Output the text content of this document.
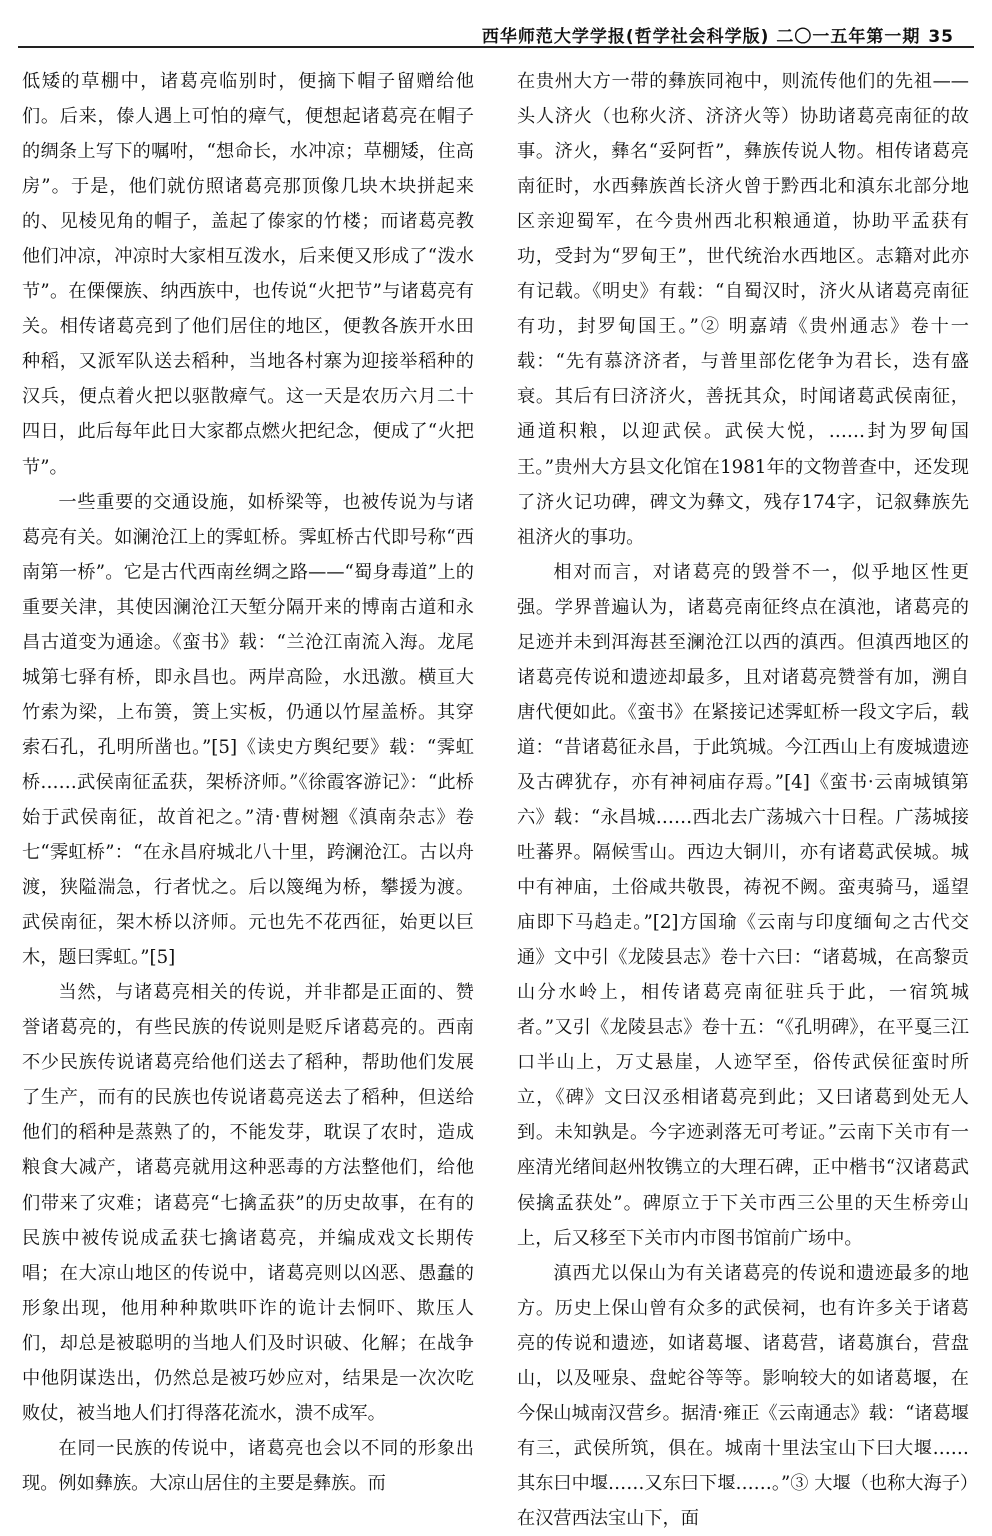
西华师范大学学报(哲学社会科学版) 二〇一五年第一期 35

低矮的草棚中，诸葛亮临别时，便摘下帽子留赠给他们。后来，傣人遇上可怕的瘴气，便想起诸葛亮在帽子的绸条上写下的嘱咐，“想命长，水冲凉；草棚矮，住高房”。于是，他们就仿照诸葛亮那顶像几块木块拼起来的、见棱见角的帽子，盖起了傣家的竹楼；而诸葛亮教他们冲凉，冲凉时大家相互泼水，后来便又形成了“泼水节”。在傈僳族、纳西族中，也传说“火把节”与诸葛亮有关。相传诸葛亮到了他们居住的地区，便教各族开水田种稻，又派军队送去稻种，当地各村寨为迎接举稻种的汉兵，便点着火把以驱散瘴气。这一天是农历六月二十四日，此后每年此日大家都点燃火把纪念，便成了“火把节”。

一些重要的交通设施，如桥梁等，也被传说为与诸葛亮有关。如澜沧江上的霁虹桥。霁虹桥古代即号称“西南第一桥”。它是古代西南丝绸之路——“蜀身毒道”上的重要关津，其使因澜沧江天堑分隔开来的博南古道和永昌古道变为通途。《蛮书》载：“兰沧江南流入海。龙尾城第七驿有桥，即永昌也。两岸高险，水迅激。横亘大竹索为梁，上布箦，箦上实板，仍通以竹屋盖桥。其穿索石孔，孔明所凿也。”[5]《读史方舆纪要》载：“霁虹桥……武侯南征孟获，架桥济师。”《徐霞客游记》：“此桥始于武侯南征，故首祀之。”清·曹树翘《滇南杂志》卷七“霁虹桥”：“在永昌府城北八十里，跨澜沧江。古以舟渡，狭隘湍急，行者忧之。后以篾绳为桥，攀援为渡。武侯南征，架木桥以济师。元也先不花西征，始更以巨木，题曰霁虹。”[5]

当然，与诸葛亮相关的传说，并非都是正面的、赞誉诸葛亮的，有些民族的传说则是贬斥诸葛亮的。西南不少民族传说诸葛亮给他们送去了稻种，帮助他们发展了生产，而有的民族也传说诸葛亮送去了稻种，但送给他们的稻种是蒸熟了的，不能发芽，耽误了农时，造成粮食大减产，诸葛亮就用这种恶毒的方法整他们，给他们带来了灾难；诸葛亮“七擒孟获”的历史故事，在有的民族中被传说成孟获七擒诸葛亮，并编成戏文长期传唱；在大凉山地区的传说中，诸葛亮则以凶恶、愚蠢的形象出现，他用种种欺哄吓诈的诡计去恫吓、欺压人们，却总是被聪明的当地人们及时识破、化解；在战争中他阴谋迭出，仍然总是被巧妙应对，结果是一次次吃败仗，被当地人们打得落花流水，溃不成军。

在同一民族的传说中，诸葛亮也会以不同的形象出现。例如彝族。大凉山居住的主要是彝族。而

在贵州大方一带的彝族同袍中，则流传他们的先祖——头人济火（也称火济、济济火等）协助诸葛亮南征的故事。济火，彝名“妥阿哲”，彝族传说人物。相传诸葛亮南征时，水西彝族酋长济火曾于黔西北和滇东北部分地区亲迎蜀军，在今贵州西北积粮通道，协助平孟获有功，受封为“罗甸王”，世代统治水西地区。志籍对此亦有记载。《明史》有载：“自蜀汉时，济火从诸葛亮南征有功，封罗甸国王。”② 明嘉靖《贵州通志》卷十一载：“先有慕济济者，与普里部仡佬争为君长，迭有盛衰。其后有曰济济火，善抚其众，时闻诸葛武侯南征，通道积粮，以迎武侯。武侯大悦，……封为罗甸国王。”贵州大方县文化馆在1981年的文物普查中，还发现了济火记功碑，碑文为彝文，残存174字，记叙彝族先祖济火的事功。

相对而言，对诸葛亮的毁誉不一，似乎地区性更强。学界普遍认为，诸葛亮南征终点在滇池，诸葛亮的足迹并未到洱海甚至澜沧江以西的滇西。但滇西地区的诸葛亮传说和遗迹却最多，且对诸葛亮赞誉有加，溯自唐代便如此。《蛮书》在紧接记述霁虹桥一段文字后，载道：“昔诸葛征永昌，于此筑城。今江西山上有废城遗迹及古碑犹存，亦有神祠庙存焉。”[4]《蛮书·云南城镇第六》载：“永昌城……西北去广荡城六十日程。广荡城接吐蕃界。隔候雪山。西边大铜川，亦有诸葛武侯城。城中有神庙，土俗咸共敬畏，祷祝不阙。蛮夷骑马，遥望庙即下马趋走。”[2]方国瑜《云南与印度缅甸之古代交通》文中引《龙陵县志》卷十六曰：“诸葛城，在高黎贡山分水岭上，相传诸葛亮南征驻兵于此，一宿筑城者。”又引《龙陵县志》卷十五：“《孔明碑》，在平戛三江口半山上，万丈悬崖，人迹罕至，俗传武侯征蛮时所立，《碑》文曰汉丞相诸葛亮到此；又曰诸葛到处无人到。未知孰是。今字迹剥落无可考证。”云南下关市有一座清光绪间赵州牧镌立的大理石碑，正中楷书“汉诸葛武侯擒孟获处”。碑原立于下关市西三公里的天生桥旁山上，后又移至下关市内市图书馆前广场中。

滇西尤以保山为有关诸葛亮的传说和遗迹最多的地方。历史上保山曾有众多的武侯祠，也有许多关于诸葛亮的传说和遗迹，如诸葛堰、诸葛营，诸葛旗台，营盘山，以及哑泉、盘蛇谷等等。影响较大的如诸葛堰，在今保山城南汉营乡。据清·雍正《云南通志》载：“诸葛堰有三，武侯所筑，俱在。城南十里法宝山下曰大堰……其东曰中堰……又东曰下堰……。”③ 大堰（也称大海子）在汉营西法宝山下，面
